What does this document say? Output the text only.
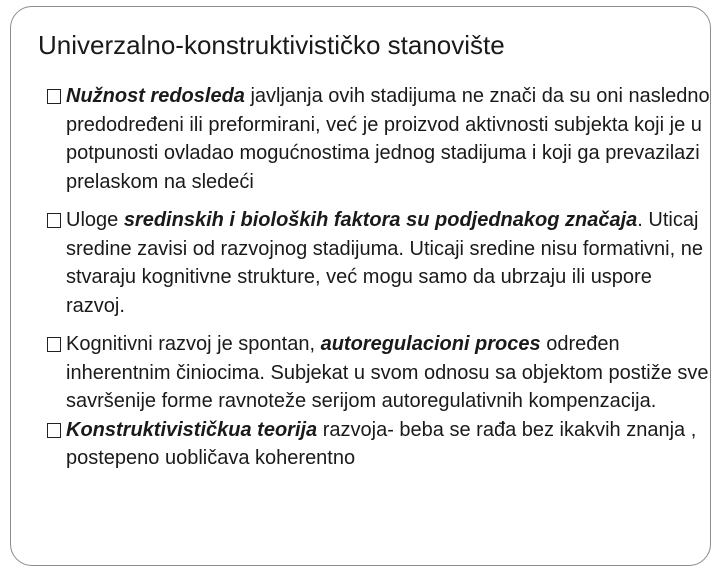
Univerzalno-konstruktivističko stanovište
Nužnost redosleda javljanja ovih stadijuma ne znači da su oni nasledno predodređeni ili preformirani, već je proizvod aktivnosti subjekta koji je u potpunosti ovladao mogućnostima jednog stadijuma i koji ga prevazilazi prelaskom na sledeći
Uloge sredinskih i bioloških faktora su podjednakog značaja. Uticaj sredine zavisi od razvojnog stadijuma. Uticaji sredine nisu formativni, ne stvaraju kognitivne strukture, već mogu samo da ubrzaju ili uspore razvoj.
Kognitivni razvoj je spontan, autoregulacioni proces određen inherentnim činiocima. Subjekat u svom odnosu sa objektom postiže sve savršenije forme ravnoteže serijom autoregulativnih kompenzacija.
Konstruktivističkua teorija razvoja- beba se rađa bez ikakvih znanja , postepeno uobličava koherentno
